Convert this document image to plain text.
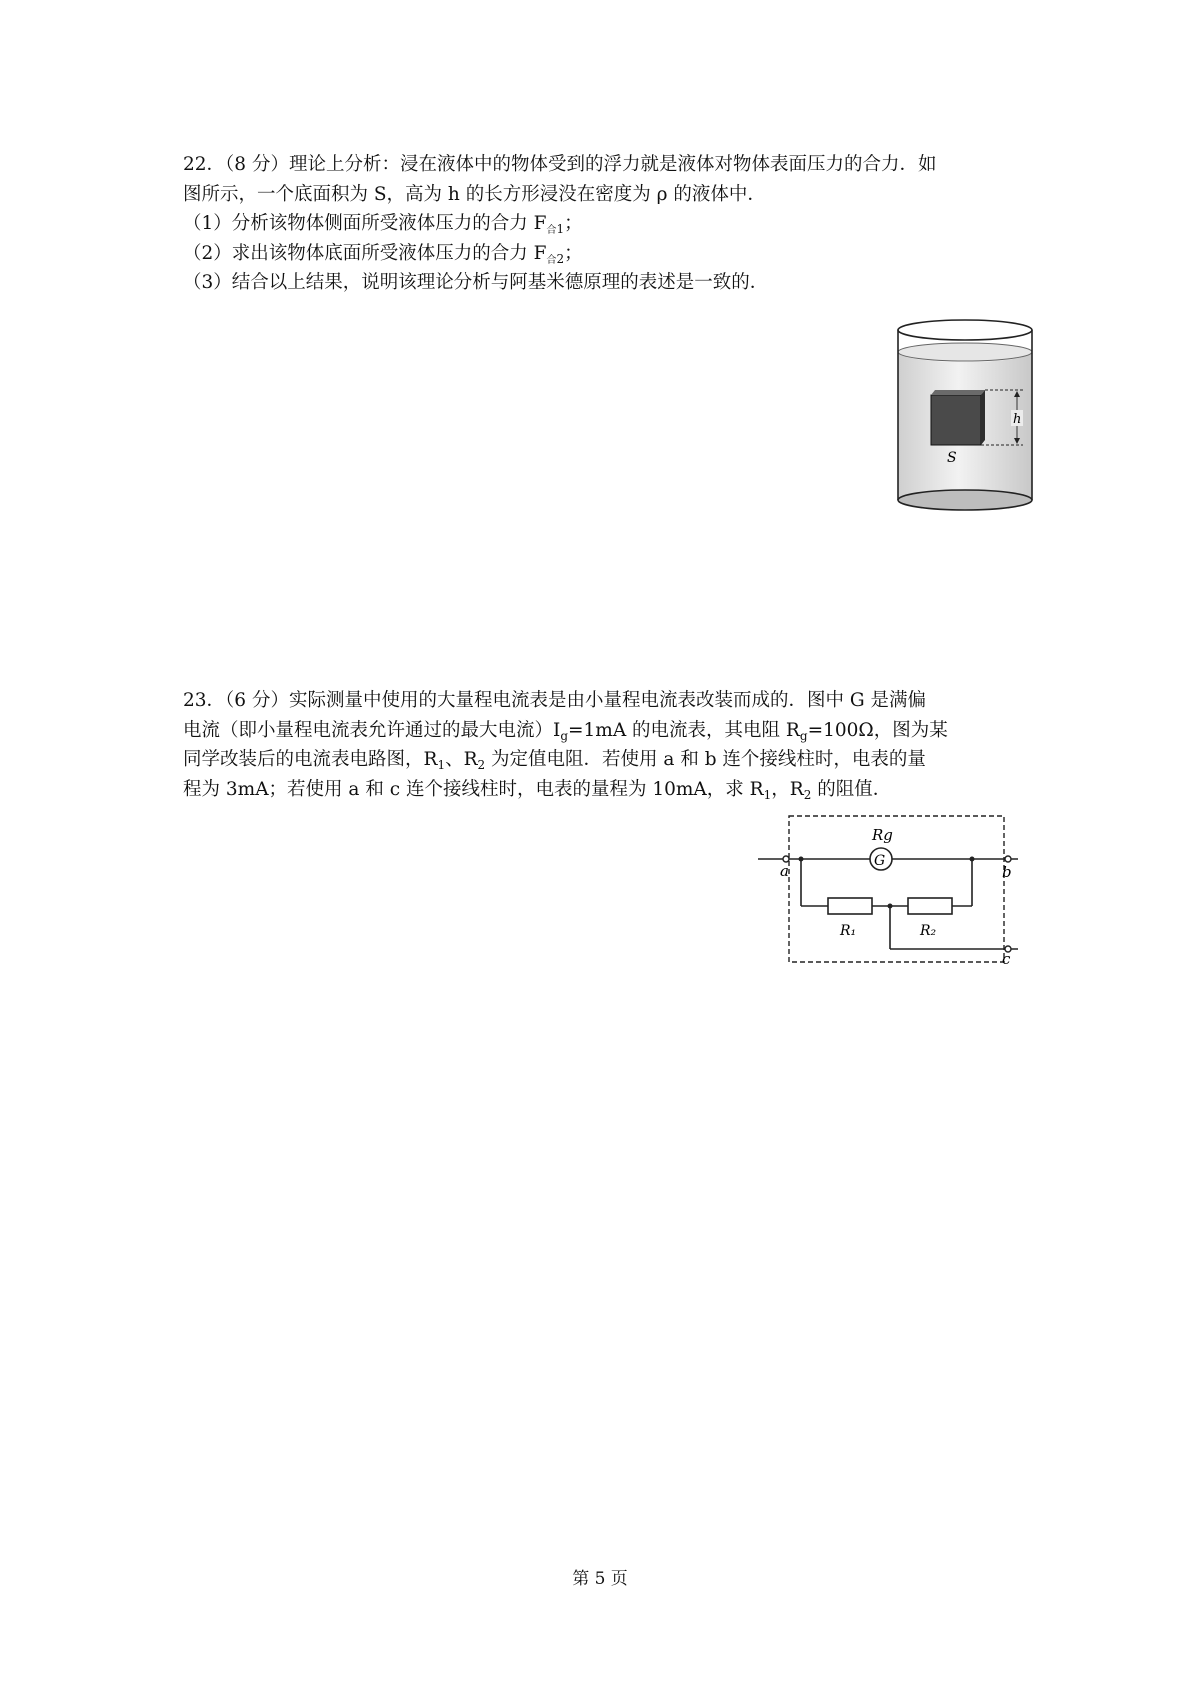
22．（8 分）理论上分析：浸在液体中的物体受到的浮力就是液体对物体表面压力的合力．如

图所示，一个底面积为 S，高为 h 的长方形浸没在密度为 ρ 的液体中．

（1）分析该物体侧面所受液体压力的合力 $F_{合1}$；

（2）求出该物体底面所受液体压力的合力 $F_{合2}$；

（3）结合以上结果，说明该理论分析与阿基米德原理的表述是一致的．

h
S

23．（6 分）实际测量中使用的大量程电流表是由小量程电流表改装而成的．图中 G 是满偏

电流（即小量程电流表允许通过的最大电流）$I_g=1mA$ 的电流表，其电阻 $R_g=100\Omega$，图为某

同学改装后的电流表电路图，$R_1$、$R_2$ 为定值电阻．若使用 a 和 b 连个接线柱时，电表的量

程为 3mA；若使用 a 和 c 连个接线柱时，电表的量程为 10mA，求 $R_1$，$R_2$ 的阻值．

G
Rg
R₁	R₂
a	b
c
第 5 页
